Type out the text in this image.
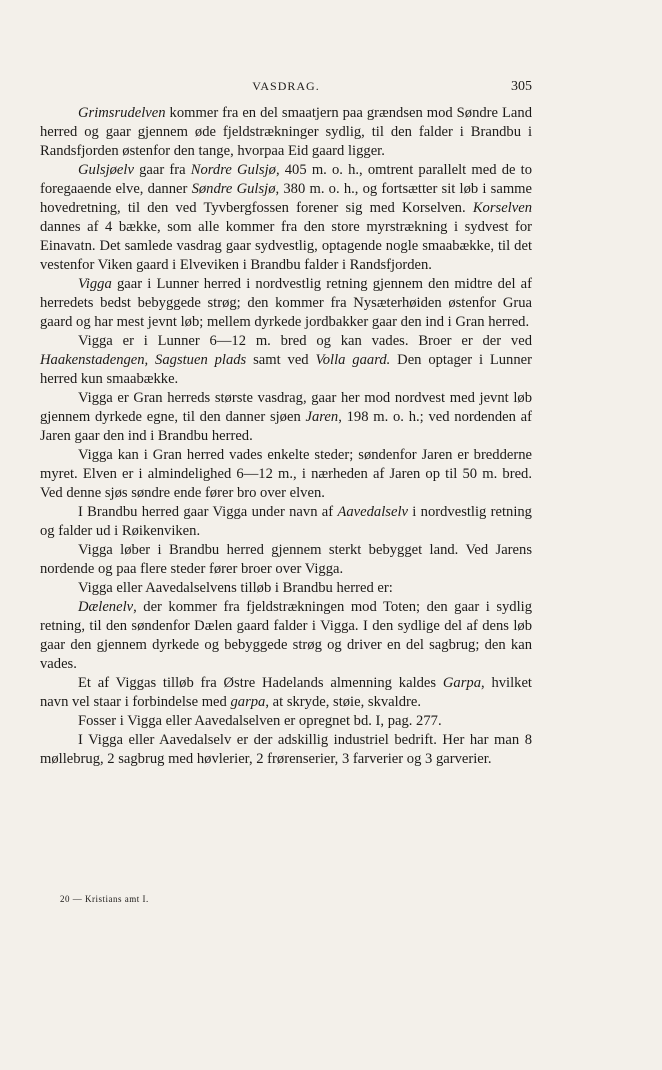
VASDRAG.	305

Grimsrudelven kommer fra en del smaatjern paa grændsen mod Søndre Land herred og gaar gjennem øde fjeldstrækninger sydlig, til den falder i Brandbu i Randsfjorden østenfor den tange, hvorpaa Eid gaard ligger.

Gulsjøelv gaar fra Nordre Gulsjø, 405 m. o. h., omtrent parallelt med de to foregaaende elve, danner Søndre Gulsjø, 380 m. o. h., og fortsætter sit løb i samme hovedretning, til den ved Tyvbergfossen forener sig med Korselven. Korselven dannes af 4 bække, som alle kommer fra den store myrstrækning i sydvest for Einavatn. Det samlede vasdrag gaar sydvestlig, optagende nogle smaabække, til det vestenfor Viken gaard i Elveviken i Brandbu falder i Randsfjorden.

Vigga gaar i Lunner herred i nordvestlig retning gjennem den midtre del af herredets bedst bebyggede strøg; den kommer fra Nysæterhøiden østenfor Grua gaard og har mest jevnt løb; mellem dyrkede jordbakker gaar den ind i Gran herred.

Vigga er i Lunner 6—12 m. bred og kan vades. Broer er der ved Haakenstadengen, Sagstuen plads samt ved Volla gaard. Den optager i Lunner herred kun smaabække.

Vigga er Gran herreds største vasdrag, gaar her mod nordvest med jevnt løb gjennem dyrkede egne, til den danner sjøen Jaren, 198 m. o. h.; ved nordenden af Jaren gaar den ind i Brandbu herred.

Vigga kan i Gran herred vades enkelte steder; søndenfor Jaren er bredderne myret. Elven er i almindelighed 6—12 m., i nærheden af Jaren op til 50 m. bred. Ved denne sjøs søndre ende fører bro over elven.

I Brandbu herred gaar Vigga under navn af Aavedalselv i nordvestlig retning og falder ud i Røikenviken.

Vigga løber i Brandbu herred gjennem sterkt bebygget land. Ved Jarens nordende og paa flere steder fører broer over Vigga.

Vigga eller Aavedalselvens tilløb i Brandbu herred er:

Dælenelv, der kommer fra fjeldstrækningen mod Toten; den gaar i sydlig retning, til den søndenfor Dælen gaard falder i Vigga. I den sydlige del af dens løb gaar den gjennem dyrkede og bebyggede strøg og driver en del sagbrug; den kan vades.

Et af Viggas tilløb fra Østre Hadelands almenning kaldes Garpa, hvilket navn vel staar i forbindelse med garpa, at skryde, støie, skvaldre.

Fosser i Vigga eller Aavedalselven er opregnet bd. I, pag. 277.

I Vigga eller Aavedalselv er der adskillig industriel bedrift. Her har man 8 møllebrug, 2 sagbrug med høvlerier, 2 frørenserier, 3 farverier og 3 garverier.

20 — Kristians amt I.
